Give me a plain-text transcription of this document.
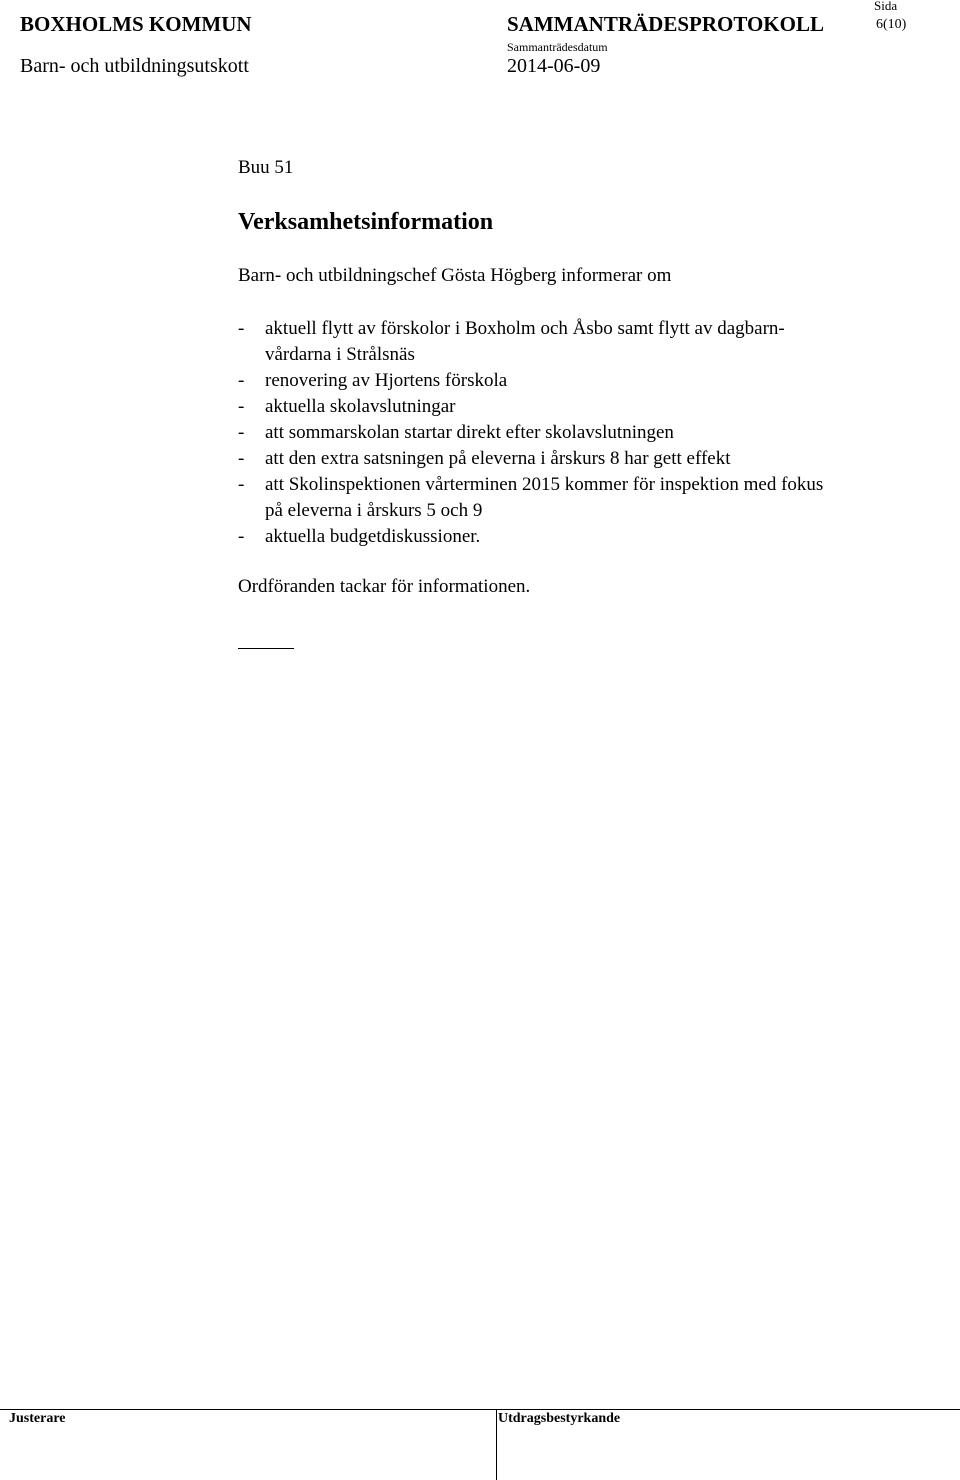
BOXHOLMS KOMMUN	SAMMANTRÄDESPROTOKOLL
Sida
6(10)
Barn- och utbildningsutskott
Sammanträdesdatum
2014-06-09
Buu 51
Verksamhetsinformation
Barn- och utbildningschef Gösta Högberg informerar om
- aktuell flytt av förskolor i Boxholm och Åsbo samt flytt av dagbarn-
vårdarna i Strålsnäs
- renovering av Hjortens förskola
- aktuella skolavslutningar
- att sommarskolan startar direkt efter skolavslutningen
- att den extra satsningen på eleverna i årskurs 8 har gett effekt
- att Skolinspektionen vårterminen 2015 kommer för inspektion med fokus
på eleverna i årskurs 5 och 9
- aktuella budgetdiskussioner.
Ordföranden tackar för informationen.
Justerare	Utdragsbestyrkande
